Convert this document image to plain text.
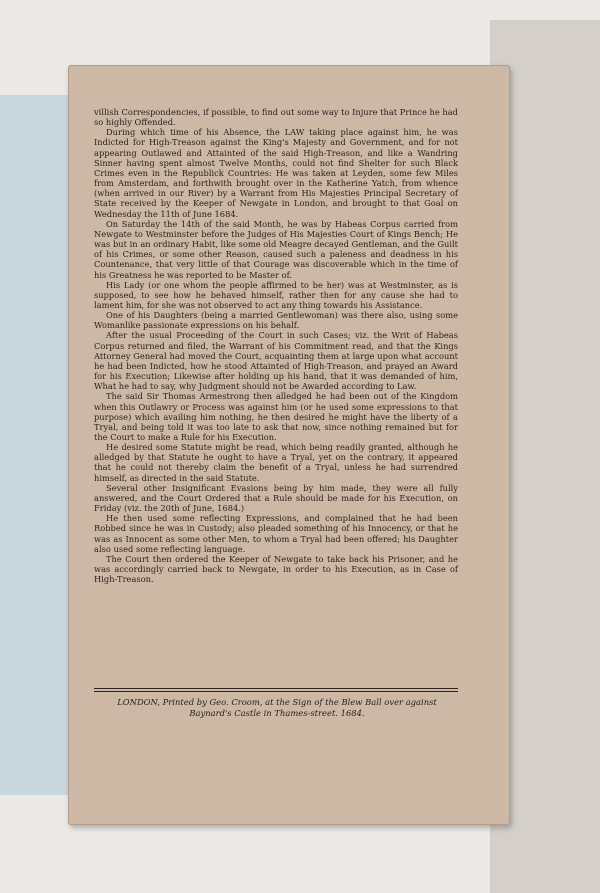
villish Correspondencies, if possible, to find out some way to Injure that Prince he had so highly Offended.

During which time of his Absence, the LAW taking place against him, he was Indicted for High-Treason against the King's Majesty and Government, and for not appearing Outlawed and Attainted of the said High-Treason, and like a Wandring Sinner having spent almost Twelve Months, could not find Shelter for such Black Crimes even in the Republick Countries: He was taken at Leyden, some few Miles from Amsterdam, and forthwith brought over in the Katherine Yatch, from whence (when arrived in our River) by a Warrant from His Majesties Principal Secretary of State received by the Keeper of Newgate in London, and brought to that Goal on Wednesday the 11th of June 1684.

On Saturday the 14th of the said Month, he was by Habeas Corpus carried from Newgate to Westminster before the Judges of His Majesties Court of Kings Bench; He was but in an ordinary Habit, like some old Meagre decayed Gentleman, and the Guilt of his Crimes, or some other Reason, caused such a paleness and deadness in his Countenance, that very little of that Courage was discoverable which in the time of his Greatness he was reported to be Master of.

His Lady (or one whom the people affirmed to be her) was at Westminster, as is supposed, to see how he behaved himself, rather then for any cause she had to lament him, for she was not observed to act any thing towards his Assistance.

One of his Daughters (being a married Gentlewoman) was there also, using some Womanlike passionate expressions on his behalf.

After the usual Proceeding of the Court in such Cases; viz. the Writ of Habeas Corpus returned and filed, the Warrant of his Commitment read, and that the Kings Attorney General had moved the Court, acquainting them at large upon what account he had been Indicted, how he stood Attainted of High-Treason, and prayed an Award for his Execution; Likewise after holding up his hand, that it was demanded of him, What he had to say, why Judgment should not be Awarded according to Law.

The said Sir Thomas Armestrong then alledged he had been out of the Kingdom when this Outlawry or Process was against him (or he used some expressions to that purpose) which availing him nothing, he then desired he might have the liberty of a Tryal, and being told it was too late to ask that now, since nothing remained but for the Court to make a Rule for his Execution.

He desired some Statute might be read, which being readily granted, although he alledged by that Statute he ought to have a Tryal, yet on the contrary, it appeared that he could not thereby claim the benefit of a Tryal, unless he had surrendred himself, as directed in the said Statute.

Several other Insignificant Evasions being by him made, they were all fully answered, and the Court Ordered that a Rule should be made for his Execution, on Friday (viz. the 20th of June, 1684.)

He then used some reflecting Expressions, and complained that he had been Robbed since he was in Custody; also pleaded something of his Innocency, or that he was as Innocent as some other Men, to whom a Tryal had been offered; his Daughter also used some reflecting language.

The Court then ordered the Keeper of Newgate to take back his Prisoner, and he was accordingly carried back to Newgate, in order to his Execution, as in Case of High-Treason.

LONDON, Printed by Geo. Croom, at the Sign of the Blew Ball over against
Baynard's Castle in Thames-street. 1684.
